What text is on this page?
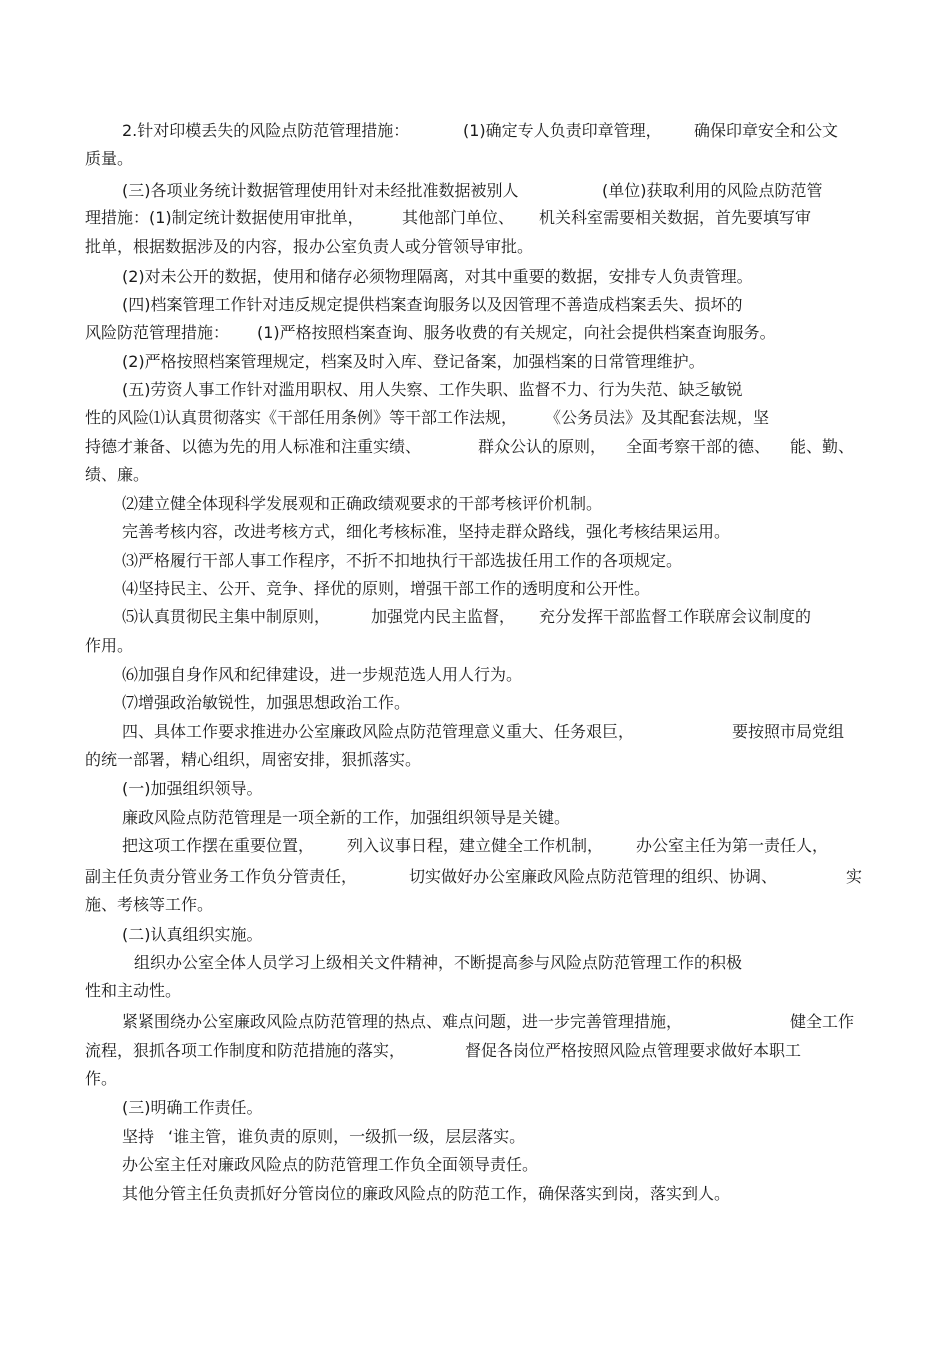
2.针对印模丢失的风险点防范管理措施：	(1)确定专人负责印章管理， 确保印章安全和公文
质量。
(三)各项业务统计数据管理使用针对未经批准数据被别人	(单位)获取利用的风险点防范管
理措施：(1)制定统计数据使用审批单， 其他部门单位、 机关科室需要相关数据，首先要填写审
批单，根据数据涉及的内容，报办公室负责人或分管领导审批。
(2)对未公开的数据，使用和储存必须物理隔离，对其中重要的数据，安排专人负责管理。
(四)档案管理工作针对违反规定提供档案查询服务以及因管理不善造成档案丢失、损坏的
风险防范管理措施： (1)严格按照档案查询、服务收费的有关规定，向社会提供档案查询服务。
(2)严格按照档案管理规定，档案及时入库、登记备案，加强档案的日常管理维护。
(五)劳资人事工作针对滥用职权、用人失察、工作失职、监督不力、行为失范、缺乏敏锐
性的风险⑴认真贯彻落实《干部任用条例》等干部工作法规， 《公务员法》及其配套法规，坚
持德才兼备、以德为先的用人标准和注重实绩、	群众公认的原则， 全面考察干部的德、 能、勤、
绩、廉。
⑵建立健全体现科学发展观和正确政绩观要求的干部考核评价机制。
完善考核内容，改进考核方式，细化考核标准，坚持走群众路线，强化考核结果运用。
⑶严格履行干部人事工作程序，不折不扣地执行干部选拔任用工作的各项规定。
⑷坚持民主、公开、竞争、择优的原则，增强干部工作的透明度和公开性。
⑸认真贯彻民主集中制原则，	加强党内民主监督， 充分发挥干部监督工作联席会议制度的
作用。
⑹加强自身作风和纪律建设，进一步规范选人用人行为。
⑺增强政治敏锐性，加强思想政治工作。
四、具体工作要求推进办公室廉政风险点防范管理意义重大、任务艰巨，	要按照市局党组
的统一部署，精心组织，周密安排，狠抓落实。
(一)加强组织领导。
廉政风险点防范管理是一项全新的工作，加强组织领导是关键。
把这项工作摆在重要位置， 列入议事日程，建立健全工作机制， 办公室主任为第一责任人，
副主任负责分管业务工作负分管责任，	切实做好办公室廉政风险点防范管理的组织、协调、	实
施、考核等工作。
(二)认真组织实施。
组织办公室全体人员学习上级相关文件精神，不断提高参与风险点防范管理工作的积极
性和主动性。
紧紧围绕办公室廉政风险点防范管理的热点、难点问题，进一步完善管理措施，	健全工作
流程，狠抓各项工作制度和防范措施的落实，	督促各岗位严格按照风险点管理要求做好本职工
作。
(三)明确工作责任。
坚持 ‘谁主管，谁负责的原则，一级抓一级，层层落实。
办公室主任对廉政风险点的防范管理工作负全面领导责任。
其他分管主任负责抓好分管岗位的廉政风险点的防范工作，确保落实到岗，落实到人。
